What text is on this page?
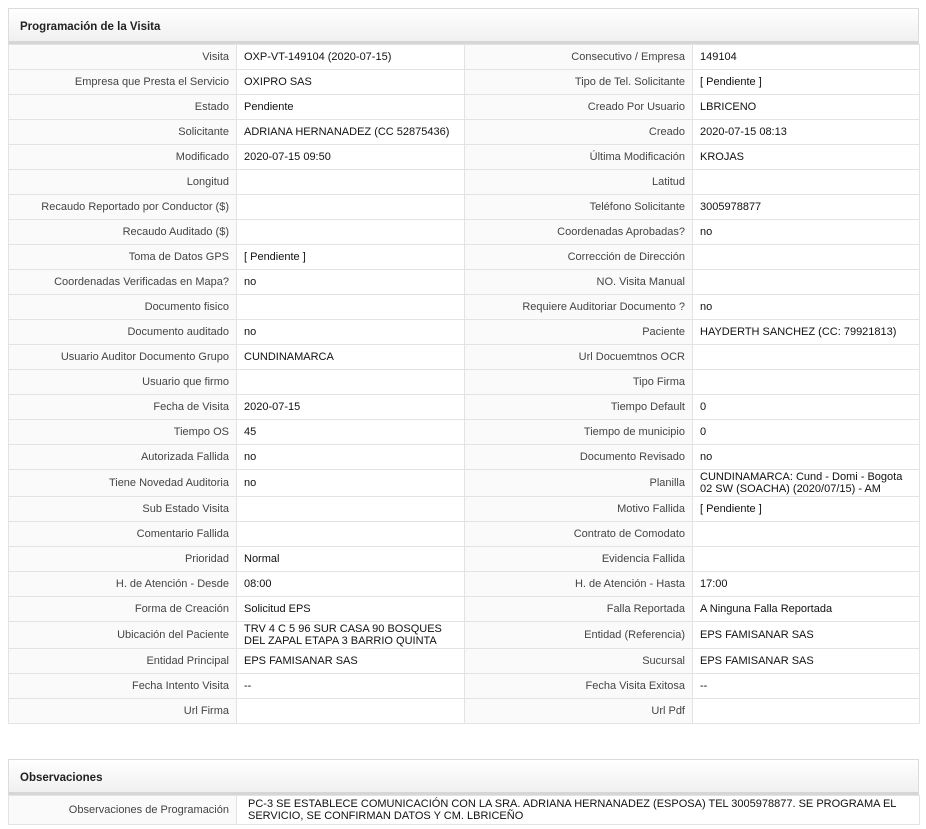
Programación de la Visita
Visita	OXP-VT-149104 (2020-07-15)	Consecutivo / Empresa	149104
Empresa que Presta el Servicio	OXIPRO SAS	Tipo de Tel. Solicitante	[ Pendiente ]
Estado	Pendiente	Creado Por Usuario	LBRICENO
Solicitante	ADRIANA HERNANADEZ (CC 52875436)	Creado	2020-07-15 08:13
Modificado	2020-07-15 09:50	Última Modificación	KROJAS
Longitud		Latitud	
Recaudo Reportado por Conductor ($)		Teléfono Solicitante	3005978877
Recaudo Auditado ($)		Coordenadas Aprobadas?	no
Toma de Datos GPS	[ Pendiente ]	Corrección de Dirección	
Coordenadas Verificadas en Mapa?	no	NO. Visita Manual	
Documento fisico		Requiere Auditoriar Documento ?	no
Documento auditado	no	Paciente	HAYDERTH SANCHEZ (CC: 79921813)
Usuario Auditor Documento Grupo	CUNDINAMARCA	Url Docuemtnos OCR	
Usuario que firmo		Tipo Firma	
Fecha de Visita	2020-07-15	Tiempo Default	0
Tiempo OS	45	Tiempo de municipio	0
Autorizada Fallida	no	Documento Revisado	no
Tiene Novedad Auditoria	no	Planilla	CUNDINAMARCA: Cund - Domi - Bogota 02 SW (SOACHA) (2020/07/15) - AM
Sub Estado Visita		Motivo Fallida	[ Pendiente ]
Comentario Fallida		Contrato de Comodato	
Prioridad	Normal	Evidencia Fallida	
H. de Atención - Desde	08:00	H. de Atención - Hasta	17:00
Forma de Creación	Solicitud EPS	Falla Reportada	A Ninguna Falla Reportada
Ubicación del Paciente	TRV 4 C 5 96 SUR CASA 90 BOSQUES DEL ZAPAL ETAPA 3 BARRIO QUINTA	Entidad (Referencia)	EPS FAMISANAR SAS
Entidad Principal	EPS FAMISANAR SAS	Sucursal	EPS FAMISANAR SAS
Fecha Intento Visita	--	Fecha Visita Exitosa	--
Url Firma		Url Pdf	
Observaciones
Observaciones de Programación	PC-3 SE ESTABLECE COMUNICACIÓN CON LA SRA. ADRIANA HERNANADEZ (ESPOSA) TEL 3005978877. SE PROGRAMA EL SERVICIO, SE CONFIRMAN DATOS Y CM. LBRICEÑO
